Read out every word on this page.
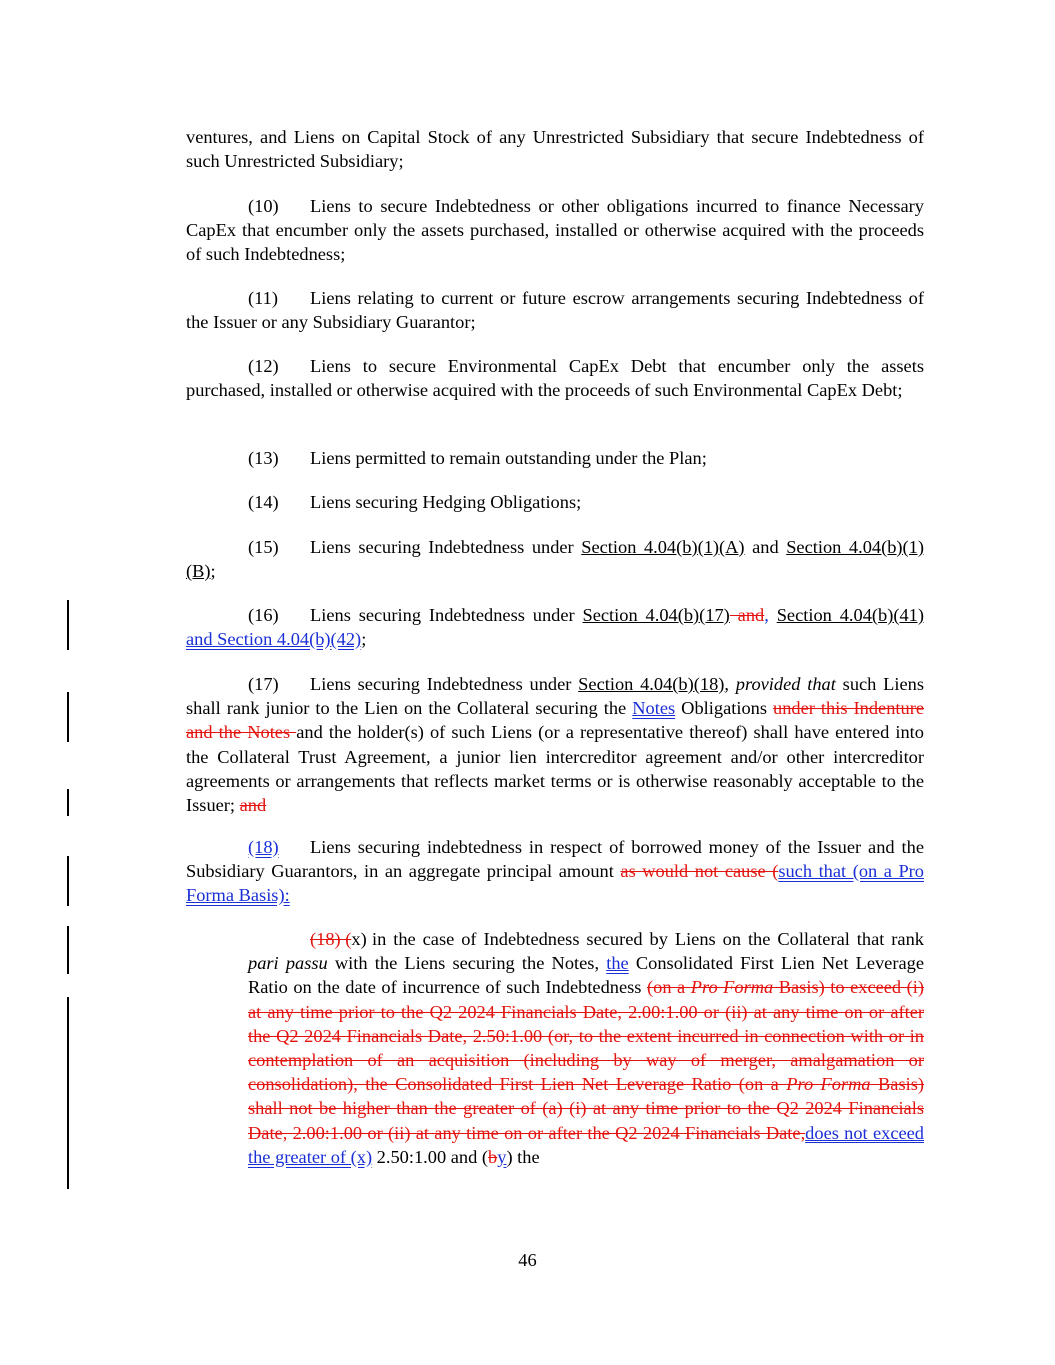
ventures, and Liens on Capital Stock of any Unrestricted Subsidiary that secure Indebtedness of such Unrestricted Subsidiary;

(10) Liens to secure Indebtedness or other obligations incurred to finance Necessary CapEx that encumber only the assets purchased, installed or otherwise acquired with the proceeds of such Indebtedness;

(11) Liens relating to current or future escrow arrangements securing Indebtedness of the Issuer or any Subsidiary Guarantor;

(12) Liens to secure Environmental CapEx Debt that encumber only the assets purchased, installed or otherwise acquired with the proceeds of such Environmental CapEx Debt;

(13) Liens permitted to remain outstanding under the Plan;

(14) Liens securing Hedging Obligations;

(15) Liens securing Indebtedness under Section 4.04(b)(1)(A) and Section 4.04(b)(1)(B);

(16) Liens securing Indebtedness under Section 4.04(b)(17) and, Section 4.04(b)(41) and Section 4.04(b)(42);

(17) Liens securing Indebtedness under Section 4.04(b)(18), provided that such Liens shall rank junior to the Lien on the Collateral securing the Notes Obligations under this Indenture and the Notes and the holder(s) of such Liens (or a representative thereof) shall have entered into the Collateral Trust Agreement, a junior lien intercreditor agreement and/or other intercreditor agreements or arrangements that reflects market terms or is otherwise reasonably acceptable to the Issuer; and

(18) Liens securing indebtedness in respect of borrowed money of the Issuer and the Subsidiary Guarantors, in an aggregate principal amount as would not cause (such that (on a Pro Forma Basis):

(18) (x) in the case of Indebtedness secured by Liens on the Collateral that rank pari passu with the Liens securing the Notes, the Consolidated First Lien Net Leverage Ratio on the date of incurrence of such Indebtedness (on a Pro Forma Basis) to exceed (i) at any time prior to the Q2 2024 Financials Date, 2.00:1.00 or (ii) at any time on or after the Q2 2024 Financials Date, 2.50:1.00 (or, to the extent incurred in connection with or in contemplation of an acquisition (including by way of merger, amalgamation or consolidation), the Consolidated First Lien Net Leverage Ratio (on a Pro Forma Basis) shall not be higher than the greater of (a) (i) at any time prior to the Q2 2024 Financials Date, 2.00:1.00 or (ii) at any time on or after the Q2 2024 Financials Date,does not exceed the greater of (x) 2.50:1.00 and (by) the

46
